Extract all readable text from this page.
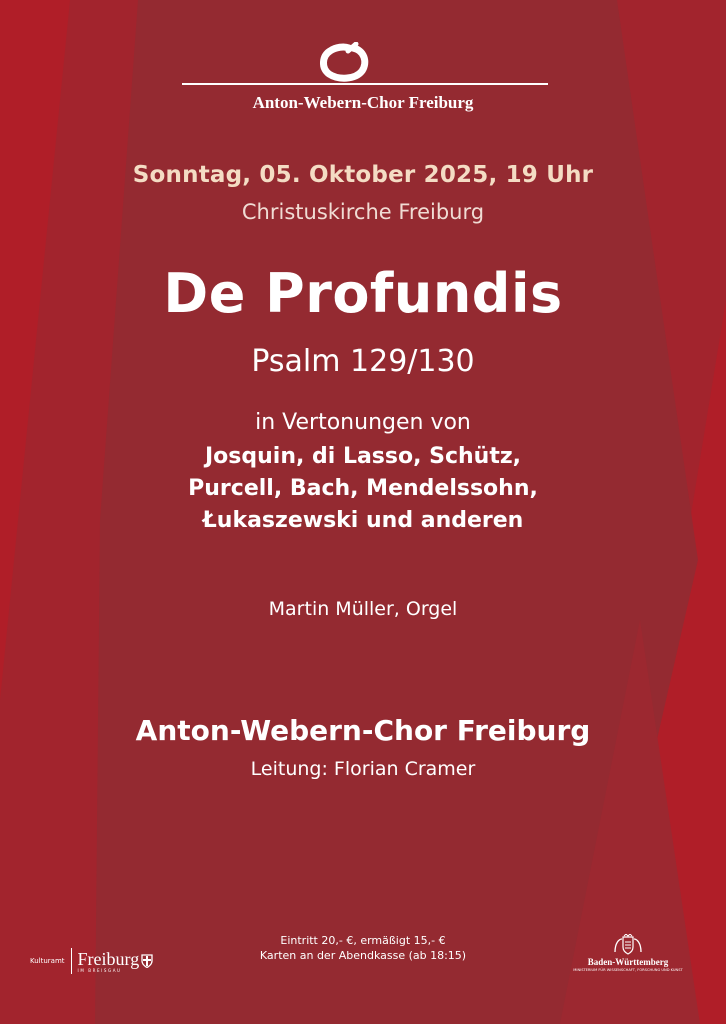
Anton-Webern-Chor Freiburg
Sonntag, 05. Oktober 2025, 19 Uhr
Christuskirche Freiburg
De Profundis
Psalm 129/130
in Vertonungen von
Josquin, di Lasso, Schütz,
Purcell, Bach, Mendelssohn,
Łukaszewski und anderen
Martin Müller, Orgel
Anton-Webern-Chor Freiburg
Leitung: Florian Cramer
Eintritt 20,- €, ermäßigt 15,- €
Karten an der Abendkasse (ab 18:15)
Kulturamt Freiburg
IM BREISGAU
Baden-Württemberg
MINISTERIUM FÜR WISSENSCHAFT, FORSCHUNG UND KUNST
